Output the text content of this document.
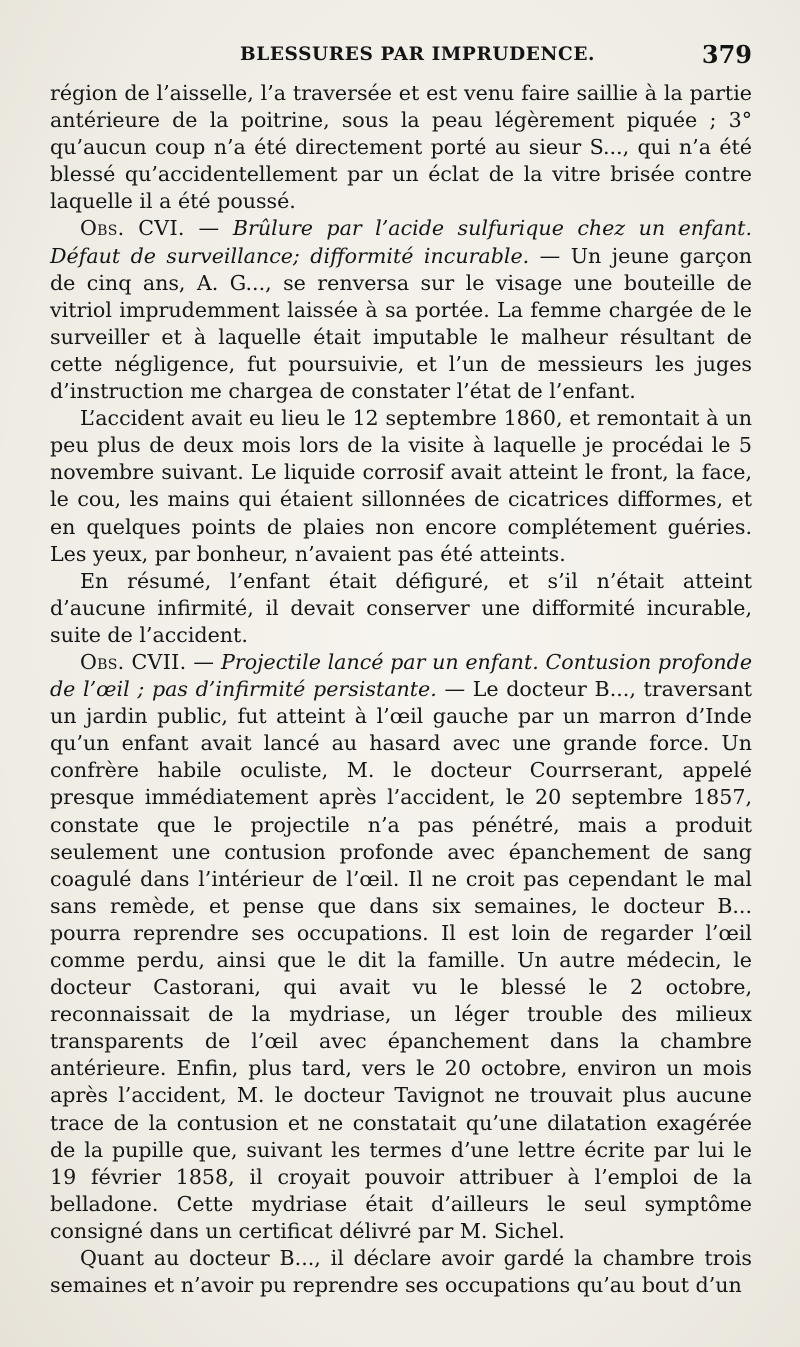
BLESSURES PAR IMPRUDENCE.	379

région de l’aisselle, l’a traversée et est venu faire saillie à la partie antérieure de la poitrine, sous la peau légèrement piquée ; 3° qu’aucun coup n’a été directement porté au sieur S..., qui n’a été blessé qu’accidentellement par un éclat de la vitre brisée contre laquelle il a été poussé.

Obs. CVI. — Brûlure par l’acide sulfurique chez un enfant. Défaut de surveillance; difformité incurable. — Un jeune garçon de cinq ans, A. G..., se renversa sur le visage une bouteille de vitriol imprudemment laissée à sa portée. La femme chargée de le surveiller et à laquelle était imputable le malheur résultant de cette négligence, fut poursuivie, et l’un de messieurs les juges d’instruction me chargea de constater l’état de l’enfant.

L’accident avait eu lieu le 12 septembre 1860, et remontait à un peu plus de deux mois lors de la visite à laquelle je procédai le 5 novembre suivant. Le liquide corrosif avait atteint le front, la face, le cou, les mains qui étaient sillonnées de cicatrices difformes, et en quelques points de plaies non encore complétement guéries. Les yeux, par bonheur, n’avaient pas été atteints.

En résumé, l’enfant était défiguré, et s’il n’était atteint d’aucune infirmité, il devait conserver une difformité incurable, suite de l’accident.

Obs. CVII. — Projectile lancé par un enfant. Contusion profonde de l’œil ; pas d’infirmité persistante. — Le docteur B..., traversant un jardin public, fut atteint à l’œil gauche par un marron d’Inde qu’un enfant avait lancé au hasard avec une grande force. Un confrère habile oculiste, M. le docteur Courrserant, appelé presque immédiatement après l’accident, le 20 septembre 1857, constate que le projectile n’a pas pénétré, mais a produit seulement une contusion profonde avec épanchement de sang coagulé dans l’intérieur de l’œil. Il ne croit pas cependant le mal sans remède, et pense que dans six semaines, le docteur B... pourra reprendre ses occupations. Il est loin de regarder l’œil comme perdu, ainsi que le dit la famille. Un autre médecin, le docteur Castorani, qui avait vu le blessé le 2 octobre, reconnaissait de la mydriase, un léger trouble des milieux transparents de l’œil avec épanchement dans la chambre antérieure. Enfin, plus tard, vers le 20 octobre, environ un mois après l’accident, M. le docteur Tavignot ne trouvait plus aucune trace de la contusion et ne constatait qu’une dilatation exagérée de la pupille que, suivant les termes d’une lettre écrite par lui le 19 février 1858, il croyait pouvoir attribuer à l’emploi de la belladone. Cette mydriase était d’ailleurs le seul symptôme consigné dans un certificat délivré par M. Sichel.

Quant au docteur B..., il déclare avoir gardé la chambre trois semaines et n’avoir pu reprendre ses occupations qu’au bout d’un
